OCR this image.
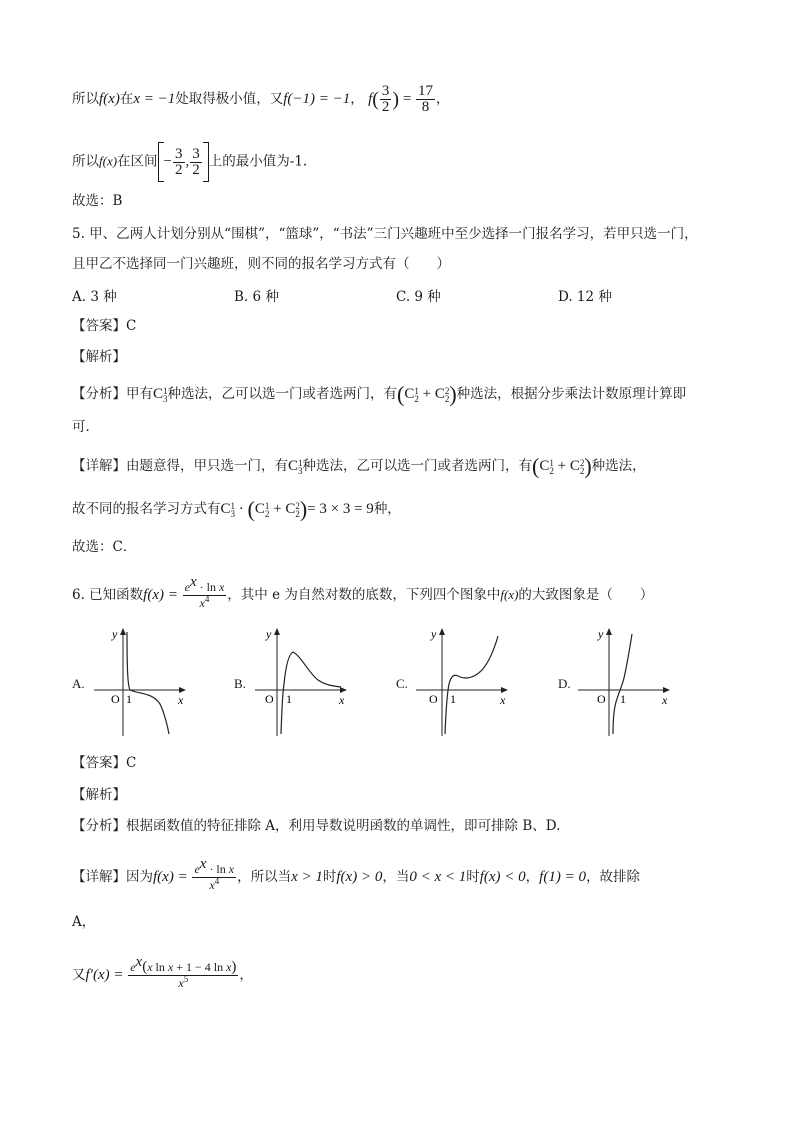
所以f(x)在x = −1处取得极小值，又f(−1) = −1， $f( \frac{3}{2}$ ) = $\frac{17}{8}$ ，
所以f(x)在区间 − $\frac{3}{2}$ , $\frac{3}{2}$ 上的最小值为-1.
故选：B
5. 甲、乙两人计划分别从“围棋”，“篮球”，“书法”三门兴趣班中至少选择一门报名学习，若甲只选一门，
且甲乙不选择同一门兴趣班，则不同的报名学习方式有（　　）
A. 3 种	B. 6 种	C. 9 种	D. 12 种
【答案】C
【解析】
【分析】甲有C 1
3 种选法，乙可以选一门或者选两门，有(C 1
2 + C 2
2 )种选法，根据分步乘法计数原理计算即
可．
【详解】由题意得，甲只选一门，有C 1
3 种选法，乙可以选一门或者选两门，有(C 1
2 + C 2
2 )种选法，
故不同的报名学习方式有C 1
3 · (C 1
2 + C 2
2 )= 3 × 3 = 9种，
故选：C．
6. 已知函数$f(x) = \frac{e^x \cdot \ln x}{x^4}$ ，其中 e 为自然对数的底数，下列四个图象中f(x)的大致图象是（　　）
A.	B.	C.	D.
y
x
O 1
y
x
O 1
y
x
O 1
y
x
O 1
【答案】C
【解析】
【分析】根据函数值的特征排除 A，利用导数说明函数的单调性，即可排除 B、D.
【详解】因为$f(x) = \frac{e^x \cdot \ln x}{x^4}$ ，所以当x > 1时f(x) > 0，当0 < x < 1时f(x) < 0，f(1) = 0，故排除
A，
又$f'(x) = \frac{e^x(x \ln x + 1 - 4 \ln x)}{x^5}$ ，
